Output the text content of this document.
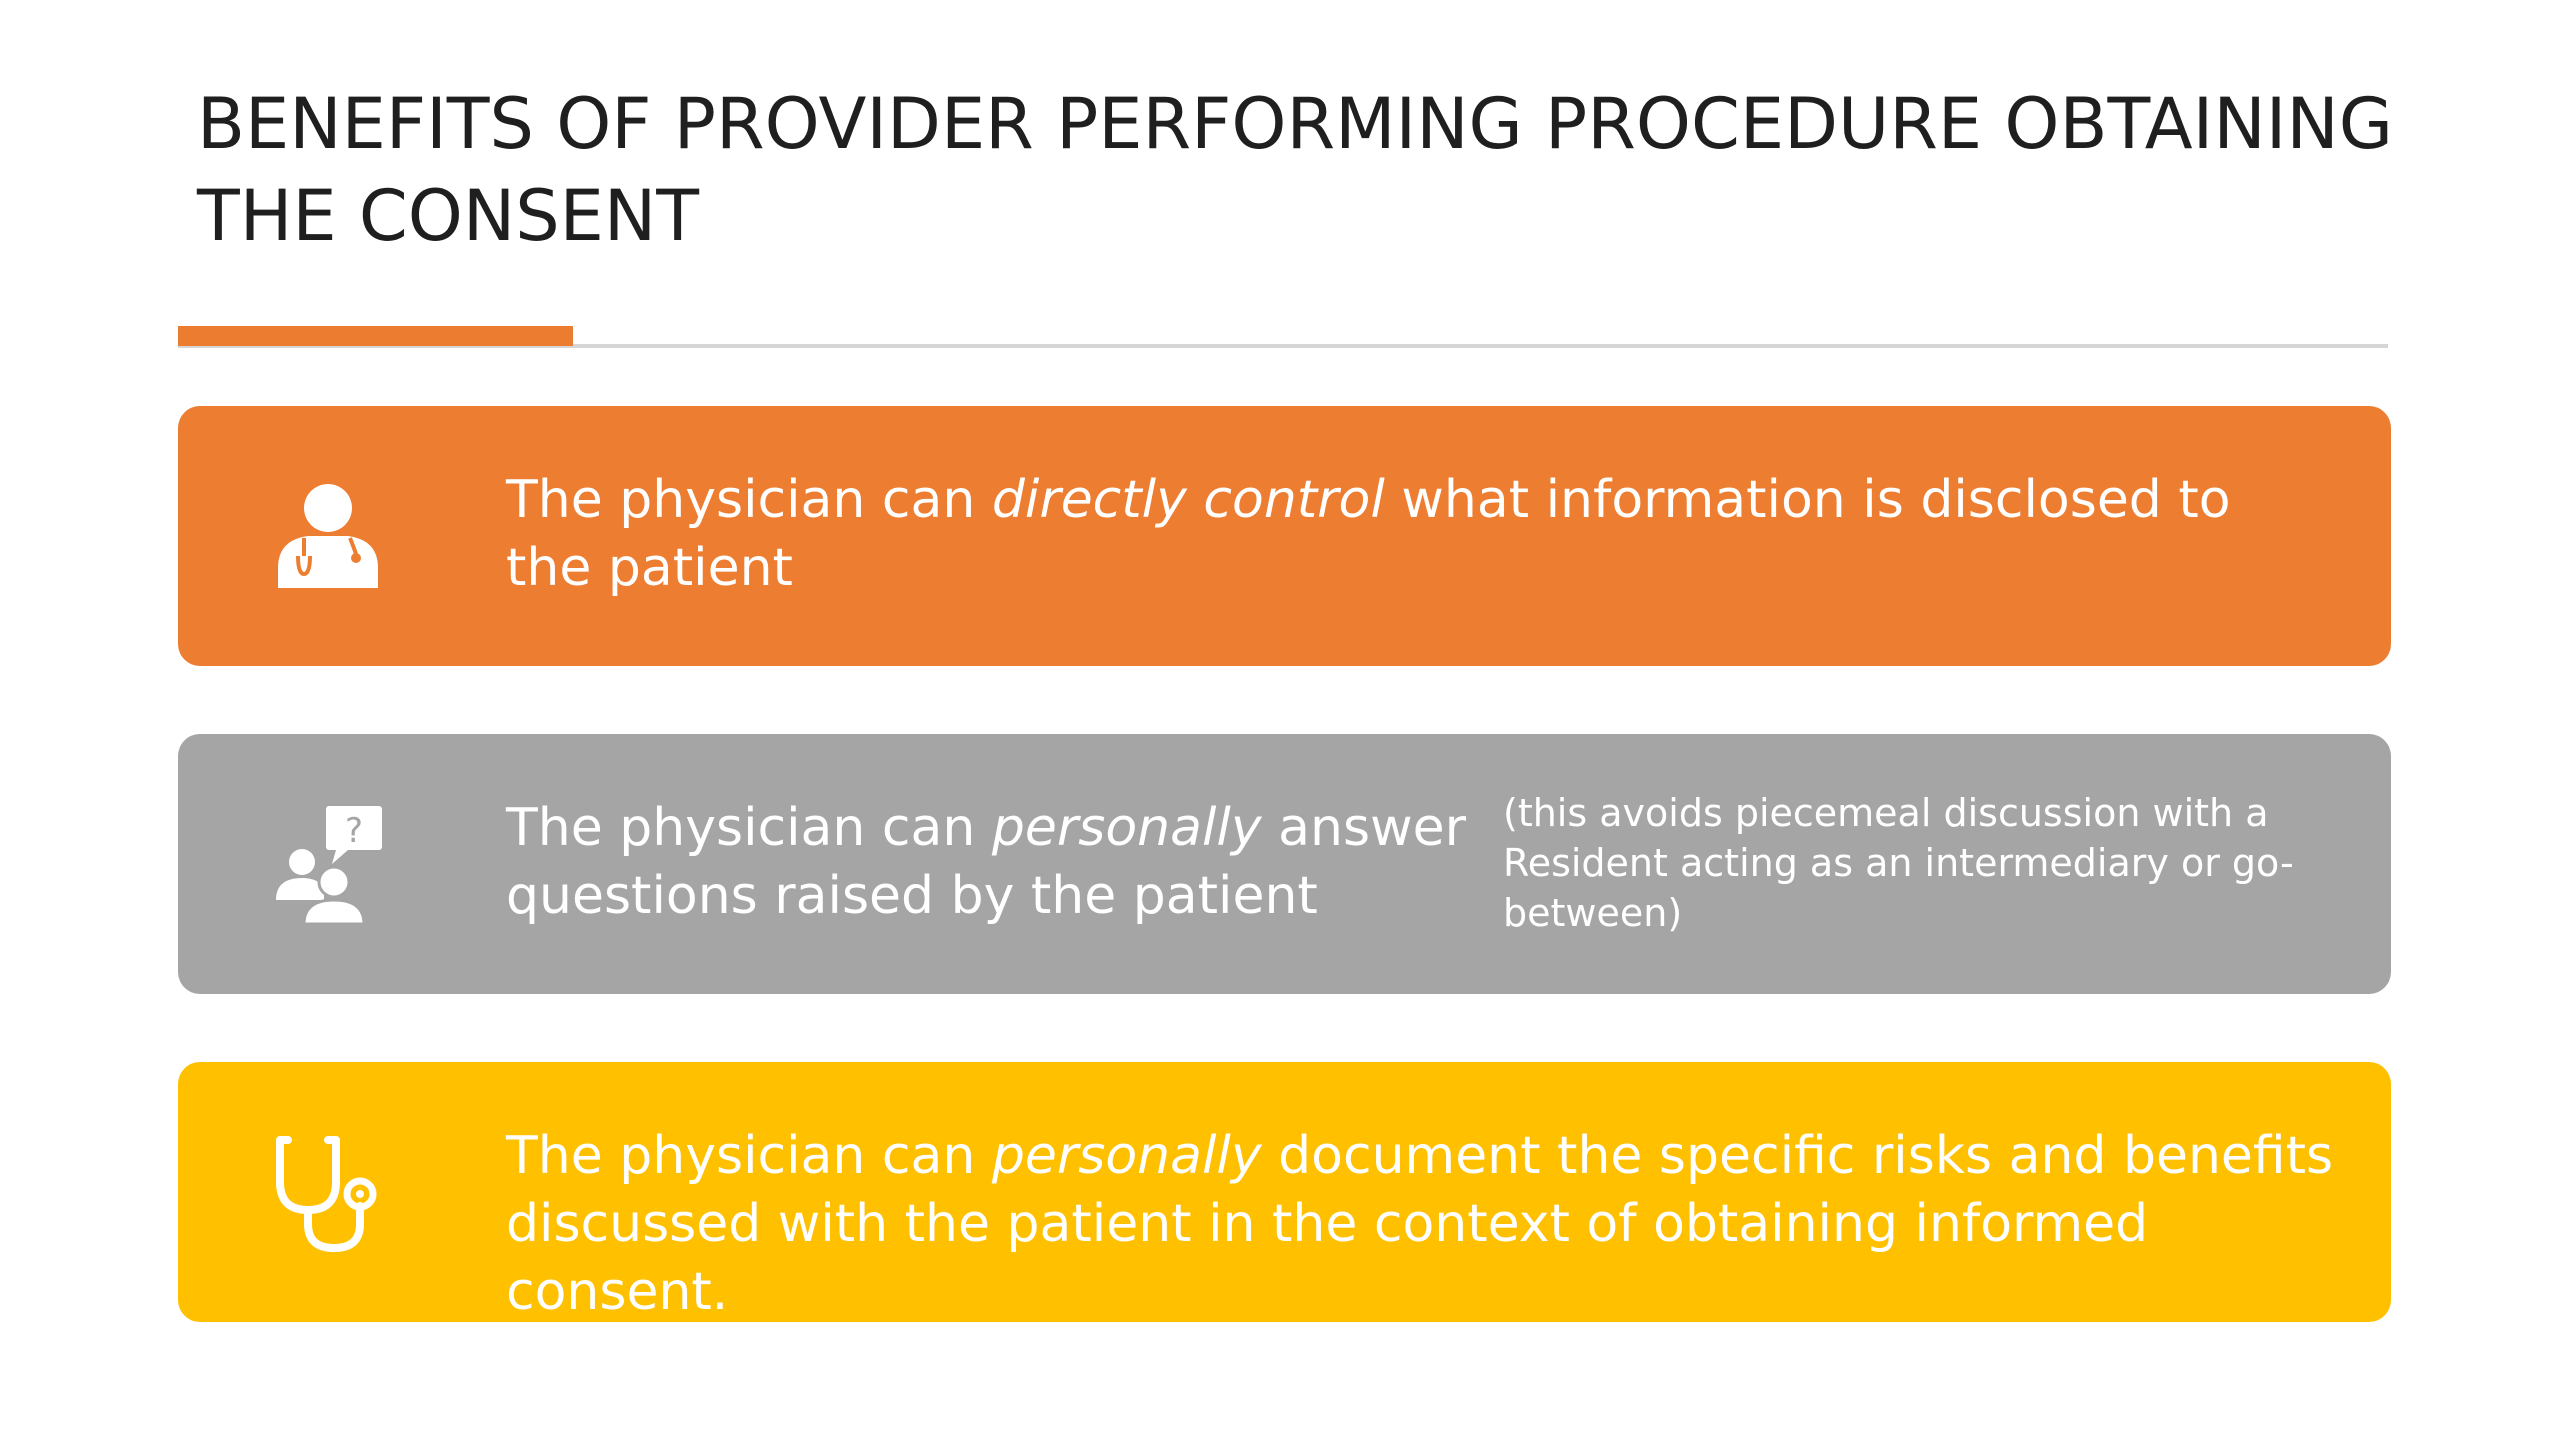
BENEFITS OF PROVIDER PERFORMING PROCEDURE OBTAINING
THE CONSENT
The physician can directly control what information is disclosed to the patient
?	The physician can personally answer questions raised by the patient
(this avoids piecemeal discussion with a Resident acting as an intermediary or go-between)
The physician can personally document the specific risks and benefits discussed with the patient in the context of obtaining informed consent.
